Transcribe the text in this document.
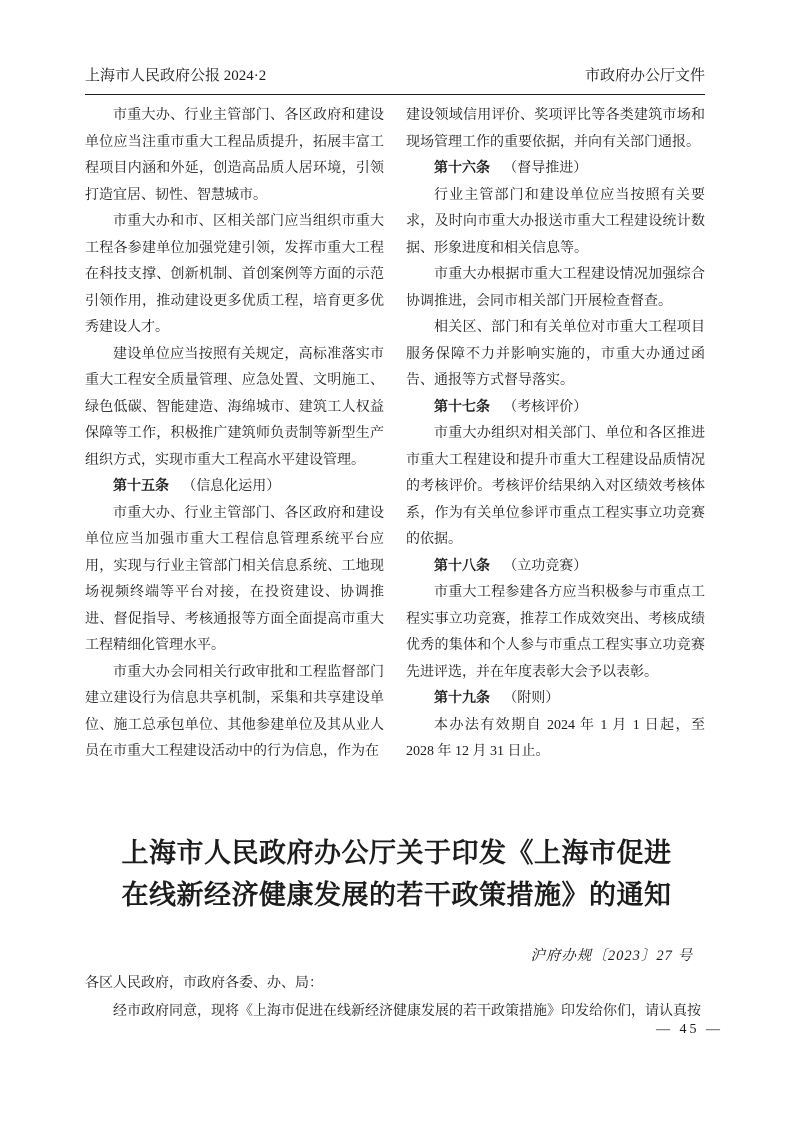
上海市人民政府公报 2024·2	市政府办公厅文件

市重大办、行业主管部门、各区政府和建设单位应当注重市重大工程品质提升，拓展丰富工程项目内涵和外延，创造高品质人居环境，引领打造宜居、韧性、智慧城市。

市重大办和市、区相关部门应当组织市重大工程各参建单位加强党建引领，发挥市重大工程在科技支撑、创新机制、首创案例等方面的示范引领作用，推动建设更多优质工程，培育更多优秀建设人才。

建设单位应当按照有关规定，高标准落实市重大工程安全质量管理、应急处置、文明施工、绿色低碳、智能建造、海绵城市、建筑工人权益保障等工作，积极推广建筑师负责制等新型生产组织方式，实现市重大工程高水平建设管理。

第十五条 （信息化运用）

市重大办、行业主管部门、各区政府和建设单位应当加强市重大工程信息管理系统平台应用，实现与行业主管部门相关信息系统、工地现场视频终端等平台对接，在投资建设、协调推进、督促指导、考核通报等方面全面提高市重大工程精细化管理水平。

市重大办会同相关行政审批和工程监督部门建立建设行为信息共享机制，采集和共享建设单位、施工总承包单位、其他参建单位及其从业人员在市重大工程建设活动中的行为信息，作为在

建设领域信用评价、奖项评比等各类建筑市场和现场管理工作的重要依据，并向有关部门通报。

第十六条 （督导推进）

行业主管部门和建设单位应当按照有关要求，及时向市重大办报送市重大工程建设统计数据、形象进度和相关信息等。

市重大办根据市重大工程建设情况加强综合协调推进，会同市相关部门开展检查督查。

相关区、部门和有关单位对市重大工程项目服务保障不力并影响实施的，市重大办通过函告、通报等方式督导落实。

第十七条 （考核评价）

市重大办组织对相关部门、单位和各区推进市重大工程建设和提升市重大工程建设品质情况的考核评价。考核评价结果纳入对区绩效考核体系，作为有关单位参评市重点工程实事立功竞赛的依据。

第十八条 （立功竞赛）

市重大工程参建各方应当积极参与市重点工程实事立功竞赛，推荐工作成效突出、考核成绩优秀的集体和个人参与市重点工程实事立功竞赛先进评选，并在年度表彰大会予以表彰。

第十九条 （附则）

本办法有效期自 2024 年 1 月 1 日起，至 2028 年 12 月 31 日止。

上海市人民政府办公厅关于印发《上海市促进
在线新经济健康发展的若干政策措施》的通知
沪府办规〔2023〕27 号
各区人民政府，市政府各委、办、局：
经市政府同意，现将《上海市促进在线新经济健康发展的若干政策措施》印发给你们，请认真按
— 45 —
